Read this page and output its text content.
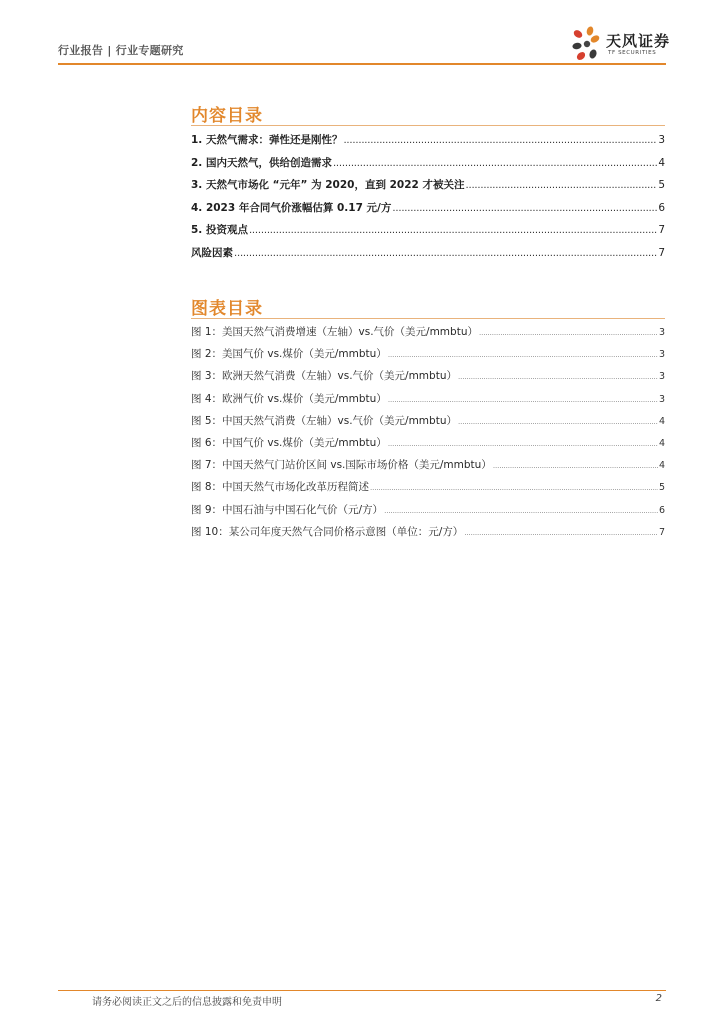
行业报告 | 行业专题研究
天风证券
TF SECURITIES
内容目录
1. 天然气需求：弹性还是刚性？ .....	3
2. 国内天然气，供给创造需求 .....	4
3. 天然气市场化 “元年” 为 2020，直到 2022 才被关注 .....	5
4. 2023 年合同气价涨幅估算 0.17 元/方 .....	6
5. 投资观点 .....	7
风险因素 .....	7
图表目录
图 1：美国天然气消费增速（左轴）vs.气价（美元/mmbtu） .....	3
图 2：美国气价 vs.煤价（美元/mmbtu） .....	3
图 3：欧洲天然气消费（左轴）vs.气价（美元/mmbtu） .....	3
图 4：欧洲气价 vs.煤价（美元/mmbtu） .....	3
图 5：中国天然气消费（左轴）vs.气价（美元/mmbtu） .....	4
图 6：中国气价 vs.煤价（美元/mmbtu） .....	4
图 7：中国天然气门站价区间 vs.国际市场价格（美元/mmbtu） .....	4
图 8：中国天然气市场化改革历程简述 .....	5
图 9：中国石油与中国石化气价（元/方） .....	6
图 10：某公司年度天然气合同价格示意图（单位：元/方） .....	7
请务必阅读正文之后的信息披露和免责申明	2
